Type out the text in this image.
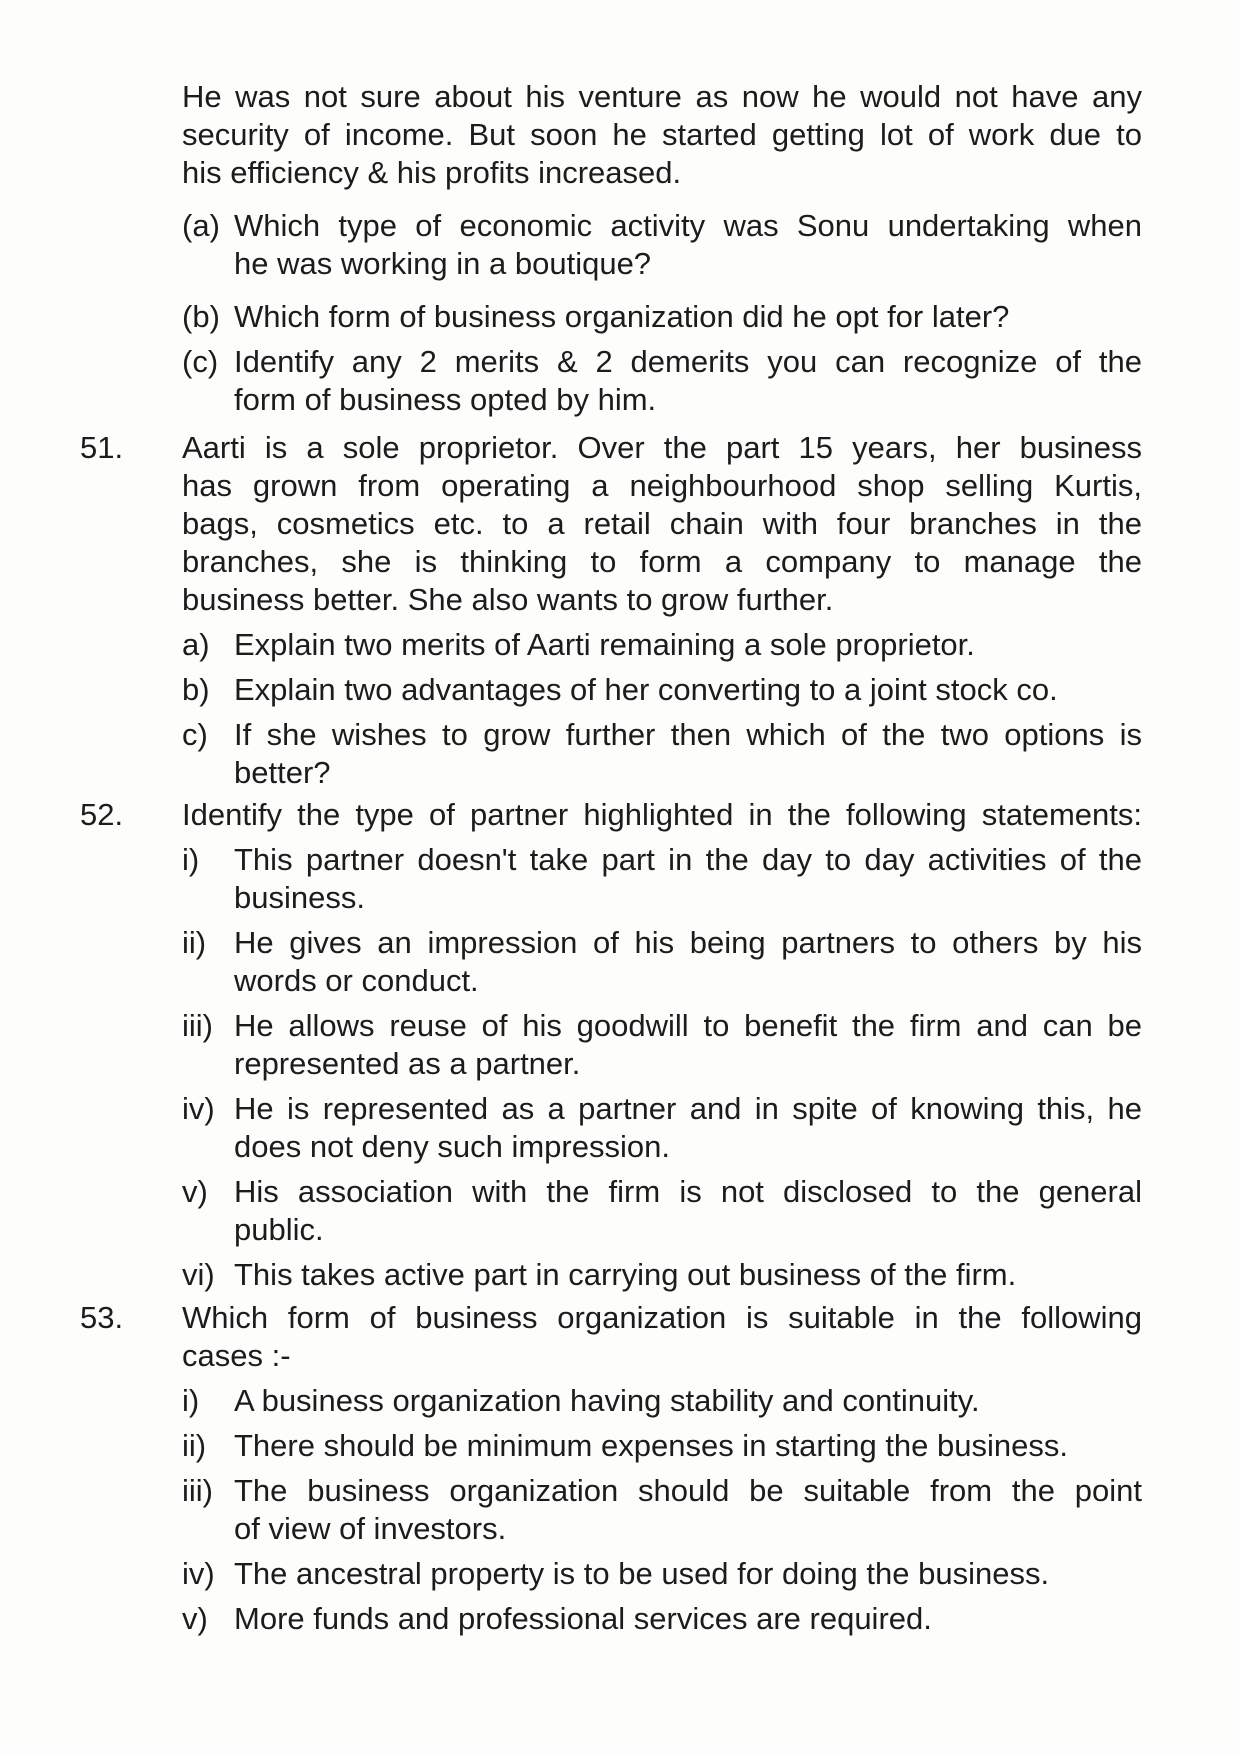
He was not sure about his venture as now he would not have any
security of income. But soon he started getting lot of work due to
his efficiency & his profits increased.
(a) Which type of economic activity was Sonu undertaking when
he was working in a boutique?
(b) Which form of business organization did he opt for later?
(c) Identify any 2 merits & 2 demerits you can recognize of the
form of business opted by him.
51. Aarti is a sole proprietor. Over the part 15 years, her business
has grown from operating a neighbourhood shop selling Kurtis,
bags, cosmetics etc. to a retail chain with four branches in the
branches, she is thinking to form a company to manage the
business better. She also wants to grow further.
a) Explain two merits of Aarti remaining a sole proprietor.
b) Explain two advantages of her converting to a joint stock co.
c) If she wishes to grow further then which of the two options is
better?
52. Identify the type of partner highlighted in the following statements:
i) This partner doesn't take part in the day to day activities of the
business.
ii) He gives an impression of his being partners to others by his
words or conduct.
iii) He allows reuse of his goodwill to benefit the firm and can be
represented as a partner.
iv) He is represented as a partner and in spite of knowing this, he
does not deny such impression.
v) His association with the firm is not disclosed to the general
public.
vi) This takes active part in carrying out business of the firm.
53. Which form of business organization is suitable in the following
cases :-
i) A business organization having stability and continuity.
ii) There should be minimum expenses in starting the business.
iii) The business organization should be suitable from the point
of view of investors.
iv) The ancestral property is to be used for doing the business.
v) More funds and professional services are required.
